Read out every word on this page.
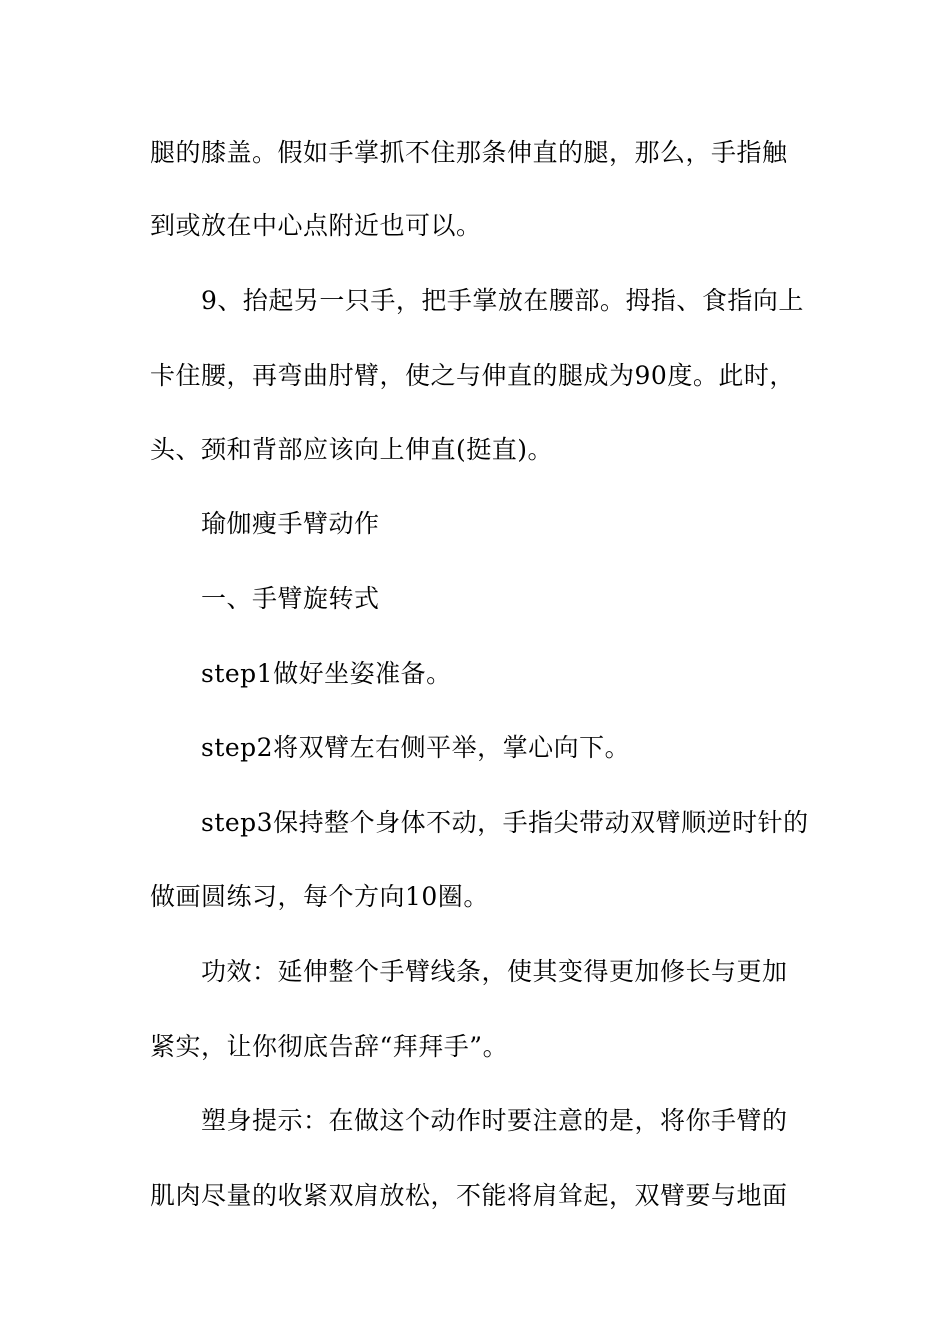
腿的膝盖。假如手掌抓不住那条伸直的腿，那么，手指触
到或放在中心点附近也可以。
9、抬起另一只手，把手掌放在腰部。拇指、食指向上
卡住腰，再弯曲肘臂，使之与伸直的腿成为90度。此时，
头、颈和背部应该向上伸直(挺直)。
瑜伽瘦手臂动作
一、手臂旋转式
step1做好坐姿准备。
step2将双臂左右侧平举，掌心向下。
step3保持整个身体不动，手指尖带动双臂顺逆时针的
做画圆练习，每个方向10圈。
功效：延伸整个手臂线条，使其变得更加修长与更加
紧实，让你彻底告辞“拜拜手”。
塑身提示：在做这个动作时要注意的是，将你手臂的
肌肉尽量的收紧双肩放松，不能将肩耸起，双臂要与地面
